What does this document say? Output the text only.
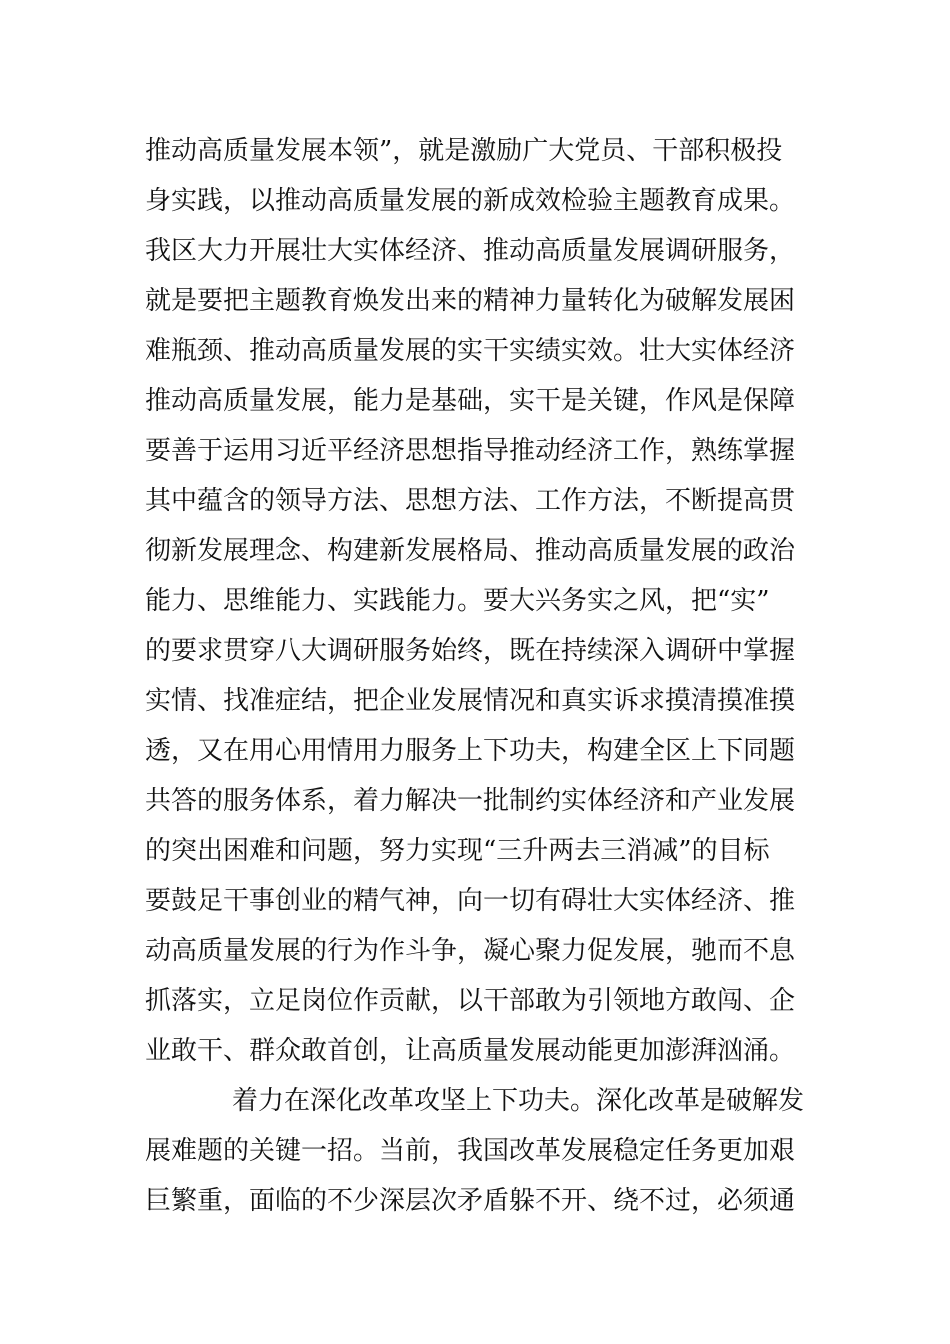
推动高质量发展本领”，就是激励广大党员、干部积极投
身实践，以推动高质量发展的新成效检验主题教育成果。
我区大力开展壮大实体经济、推动高质量发展调研服务，
就是要把主题教育焕发出来的精神力量转化为破解发展困
难瓶颈、推动高质量发展的实干实绩实效。壮大实体经济
推动高质量发展，能力是基础，实干是关键，作风是保障
要善于运用习近平经济思想指导推动经济工作，熟练掌握
其中蕴含的领导方法、思想方法、工作方法，不断提高贯
彻新发展理念、构建新发展格局、推动高质量发展的政治
能力、思维能力、实践能力。要大兴务实之风，把“实”
的要求贯穿八大调研服务始终，既在持续深入调研中掌握
实情、找准症结，把企业发展情况和真实诉求摸清摸准摸
透，又在用心用情用力服务上下功夫，构建全区上下同题
共答的服务体系，着力解决一批制约实体经济和产业发展
的突出困难和问题，努力实现“三升两去三消减”的目标
要鼓足干事创业的精气神，向一切有碍壮大实体经济、推
动高质量发展的行为作斗争，凝心聚力促发展，驰而不息
抓落实，立足岗位作贡献，以干部敢为引领地方敢闯、企
业敢干、群众敢首创，让高质量发展动能更加澎湃汹涌。
着力在深化改革攻坚上下功夫。深化改革是破解发
展难题的关键一招。当前，我国改革发展稳定任务更加艰
巨繁重，面临的不少深层次矛盾躲不开、绕不过，必须通
